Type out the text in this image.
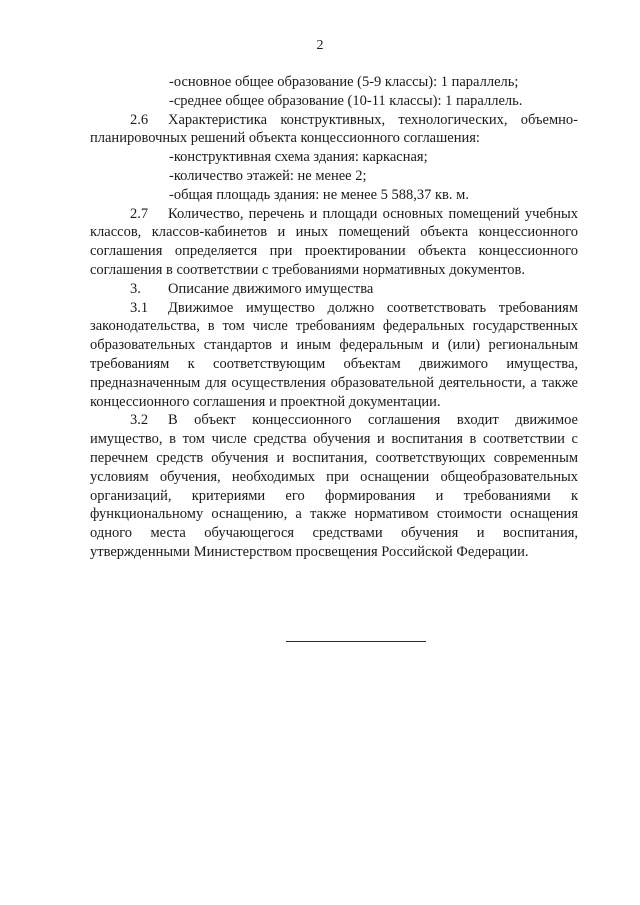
2

-основное общее образование (5-9 классы): 1 параллель;

-среднее общее образование (10-11 классы): 1 параллель.

2.6 Характеристика конструктивных, технологических, объемно-планировочных решений объекта концессионного соглашения:

-конструктивная схема здания: каркасная;

-количество этажей: не менее 2;

-общая площадь здания: не менее 5 588,37 кв. м.

2.7 Количество, перечень и площади основных помещений учебных классов, классов-кабинетов и иных помещений объекта концессионного соглашения определяется при проектировании объекта концессионного соглашения в соответствии с требованиями нормативных документов.

3. Описание движимого имущества

3.1 Движимое имущество должно соответствовать требованиям законодательства, в том числе требованиям федеральных государственных образовательных стандартов и иным федеральным и (или) региональным требованиям к соответствующим объектам движимого имущества, предназначенным для осуществления образовательной деятельности, а также концессионного соглашения и проектной документации.

3.2 В объект концессионного соглашения входит движимое имущество, в том числе средства обучения и воспитания в соответствии с перечнем средств обучения и воспитания, соответствующих современным условиям обучения, необходимых при оснащении общеобразовательных организаций, критериями его формирования и требованиями к функциональному оснащению, а также нормативом стоимости оснащения одного места обучающегося средствами обучения и воспитания, утвержденными Министерством просвещения Российской Федерации.
